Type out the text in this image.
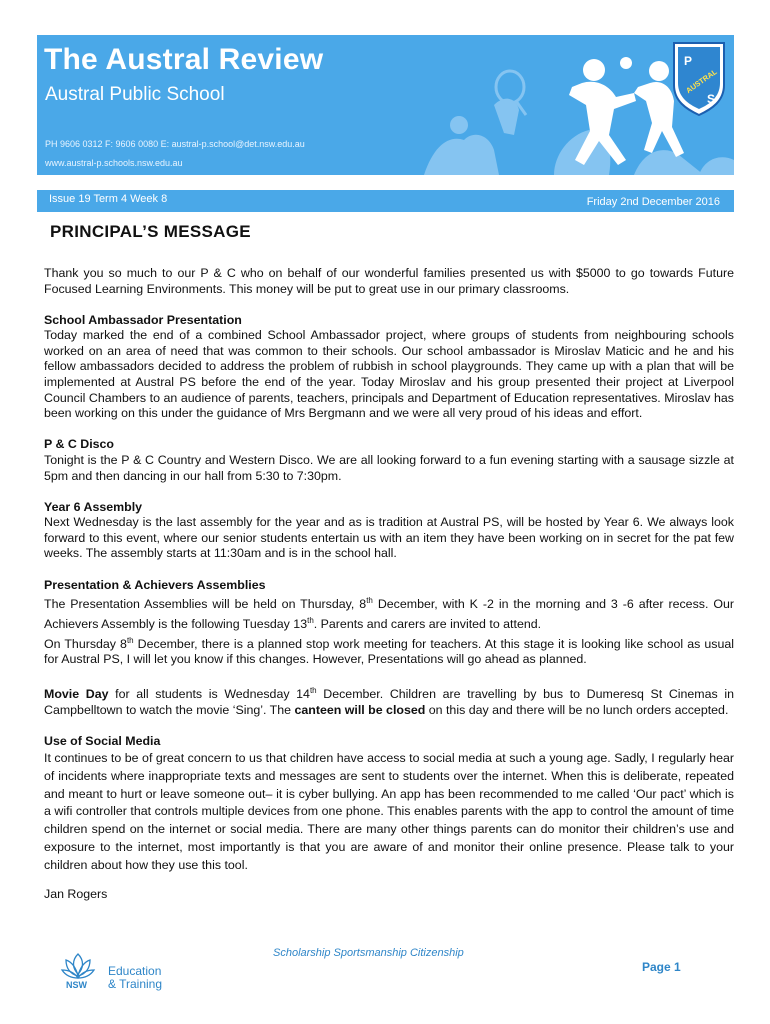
The Austral Review
Austral Public School
PH 9606 0312 F: 9606 0080 E: austral-p.school@det.nsw.edu.au
www.austral-p.schools.nsw.edu.au
P
S
AUSTRAL
Issue 19 Term 4 Week 8	Friday 2nd December 2016
PRINCIPAL’S MESSAGE

Thank you so much to our P & C who on behalf of our wonderful families presented us with $5000 to go towards Future Focused Learning Environments. This money will be put to great use in our primary classrooms.

School Ambassador Presentation

Today marked the end of a combined School Ambassador project, where groups of students from neighbouring schools worked on an area of need that was common to their schools. Our school ambassador is Miroslav Maticic and he and his fellow ambassadors decided to address the problem of rubbish in school playgrounds. They came up with a plan that will be implemented at Austral PS before the end of the year. Today Miroslav and his group presented their project at Liverpool Council Chambers to an audience of parents, teachers, principals and Department of Education representatives. Miroslav has been working on this under the guidance of Mrs Bergmann and we were all very proud of his ideas and effort.

P & C Disco

Tonight is the P & C Country and Western Disco. We are all looking forward to a fun evening starting with a sausage sizzle at 5pm and then dancing in our hall from 5:30 to 7:30pm.

Year 6 Assembly

Next Wednesday is the last assembly for the year and as is tradition at Austral PS, will be hosted by Year 6. We always look forward to this event, where our senior students entertain us with an item they have been working on in secret for the pat few weeks. The assembly starts at 11:30am and is in the school hall.

Presentation & Achievers Assemblies

The Presentation Assemblies will be held on Thursday, 8th December, with K -2 in the morning and 3 -6 after recess. Our Achievers Assembly is the following Tuesday 13th. Parents and carers are invited to attend.

On Thursday 8th December, there is a planned stop work meeting for teachers. At this stage it is looking like school as usual for Austral PS, I will let you know if this changes. However, Presentations will go ahead as planned.

Movie Day for all students is Wednesday 14th December. Children are travelling by bus to Dumeresq St Cinemas in Campbelltown to watch the movie ‘Sing’. The canteen will be closed on this day and there will be no lunch orders accepted.

Use of Social Media

It continues to be of great concern to us that children have access to social media at such a young age. Sadly, I regularly hear of incidents where inappropriate texts and messages are sent to students over the internet. When this is deliberate, repeated and meant to hurt or leave someone out– it is cyber bullying. An app has been recommended to me called ‘Our pact’ which is a wifi controller that controls multiple devices from one phone. This enables parents with the app to control the amount of time children spend on the internet or social media. There are many other things parents can do monitor their children’s use and exposure to the internet, most importantly is that you are aware of and monitor their online presence. Please talk to your children about how they use this tool.

Jan Rogers

NSW
Education
& Training
Scholarship Sportsmanship Citizenship
Page 1
